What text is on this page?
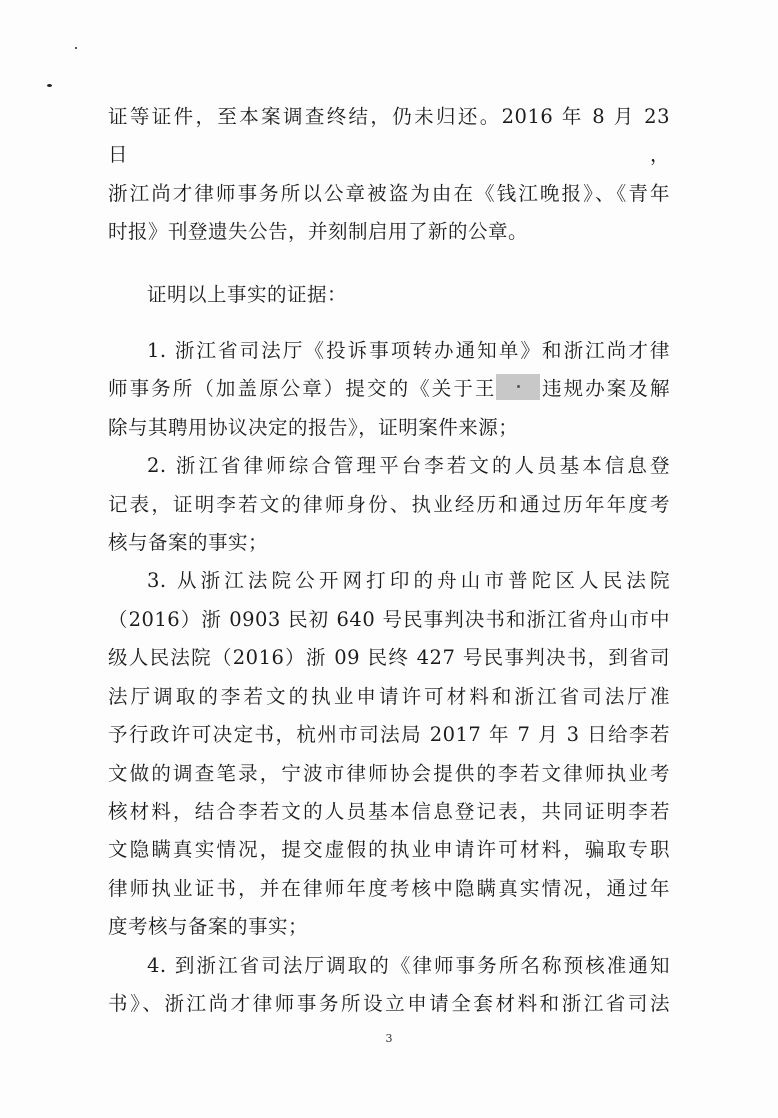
证等证件，至本案调查终结，仍未归还。2016 年 8 月 23 日，
浙江尚才律师事务所以公章被盗为由在《钱江晚报》、《青年
时报》刊登遗失公告，并刻制启用了新的公章。

证明以上事实的证据：

1. 浙江省司法厅《投诉事项转办通知单》和浙江尚才律
师事务所（加盖原公章）提交的《关于王 违规办案及解
除与其聘用协议决定的报告》，证明案件来源；

2. 浙江省律师综合管理平台李若文的人员基本信息登
记表，证明李若文的律师身份、执业经历和通过历年年度考
核与备案的事实；

3. 从浙江法院公开网打印的舟山市普陀区人民法院
（2016）浙 0903 民初 640 号民事判决书和浙江省舟山市中
级人民法院（2016）浙 09 民终 427 号民事判决书，到省司
法厅调取的李若文的执业申请许可材料和浙江省司法厅准
予行政许可决定书，杭州市司法局 2017 年 7 月 3 日给李若
文做的调查笔录，宁波市律师协会提供的李若文律师执业考
核材料，结合李若文的人员基本信息登记表，共同证明李若
文隐瞒真实情况，提交虚假的执业申请许可材料，骗取专职
律师执业证书，并在律师年度考核中隐瞒真实情况，通过年
度考核与备案的事实；

4. 到浙江省司法厅调取的《律师事务所名称预核准通知
书》、浙江尚才律师事务所设立申请全套材料和浙江省司法

3
